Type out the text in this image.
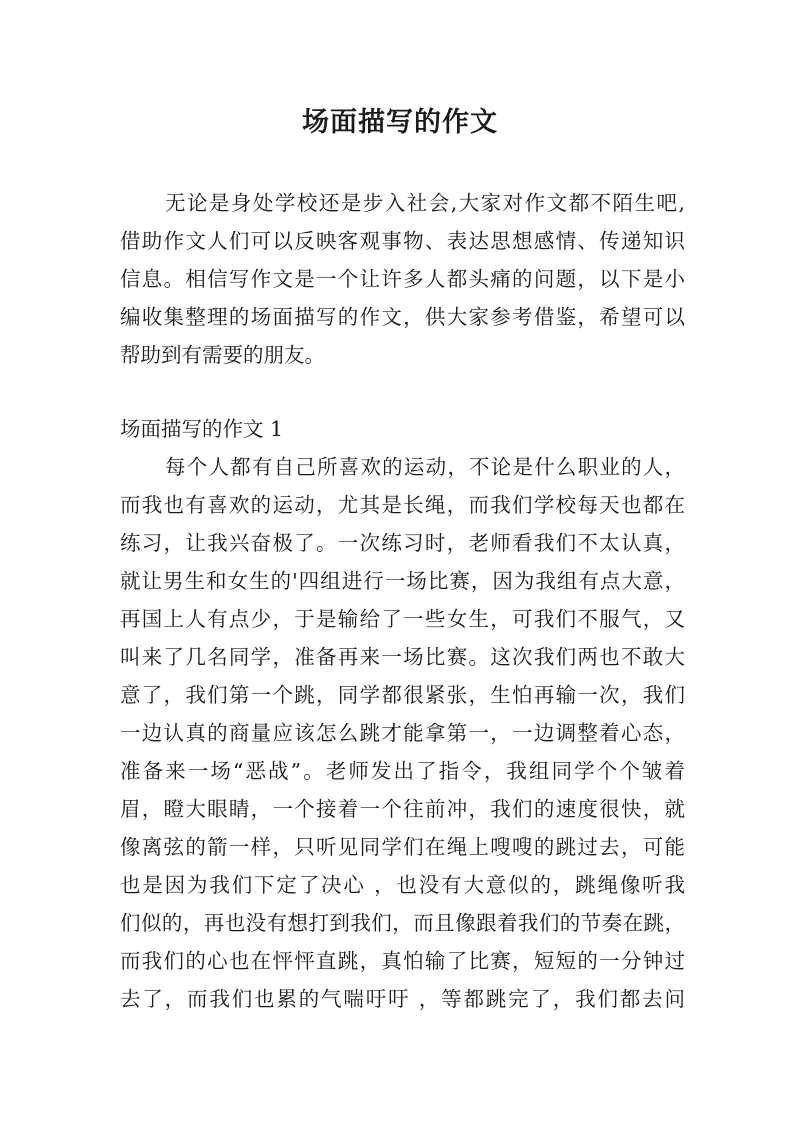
场面描写的作文
无论是身处学校还是步入社会,大家对作文都不陌生吧,
借助作文人们可以反映客观事物、表达思想感情、传递知识
信息。相信写作文是一个让许多人都头痛的问题，以下是小
编收集整理的场面描写的作文，供大家参考借鉴，希望可以
帮助到有需要的朋友。
场面描写的作文 1
每个人都有自己所喜欢的运动，不论是什么职业的人，
而我也有喜欢的运动，尤其是长绳，而我们学校每天也都在
练习，让我兴奋极了。一次练习时，老师看我们不太认真，
就让男生和女生的'四组进行一场比赛，因为我组有点大意，
再国上人有点少，于是输给了一些女生，可我们不服气，又
叫来了几名同学，准备再来一场比赛。这次我们两也不敢大
意了，我们第一个跳，同学都很紧张，生怕再输一次，我们
一边认真的商量应该怎么跳才能拿第一，一边调整着心态，
准备来一场“恶战”。老师发出了指令，我组同学个个皱着
眉，瞪大眼睛，一个接着一个往前冲，我们的速度很快，就
像离弦的箭一样，只听见同学们在绳上嗖嗖的跳过去，可能
也是因为我们下定了决心 ，也没有大意似的，跳绳像听我
们似的，再也没有想打到我们，而且像跟着我们的节奏在跳，
而我们的心也在怦怦直跳，真怕输了比赛，短短的一分钟过
去了，而我们也累的气喘吁吁 ，等都跳完了，我们都去问
